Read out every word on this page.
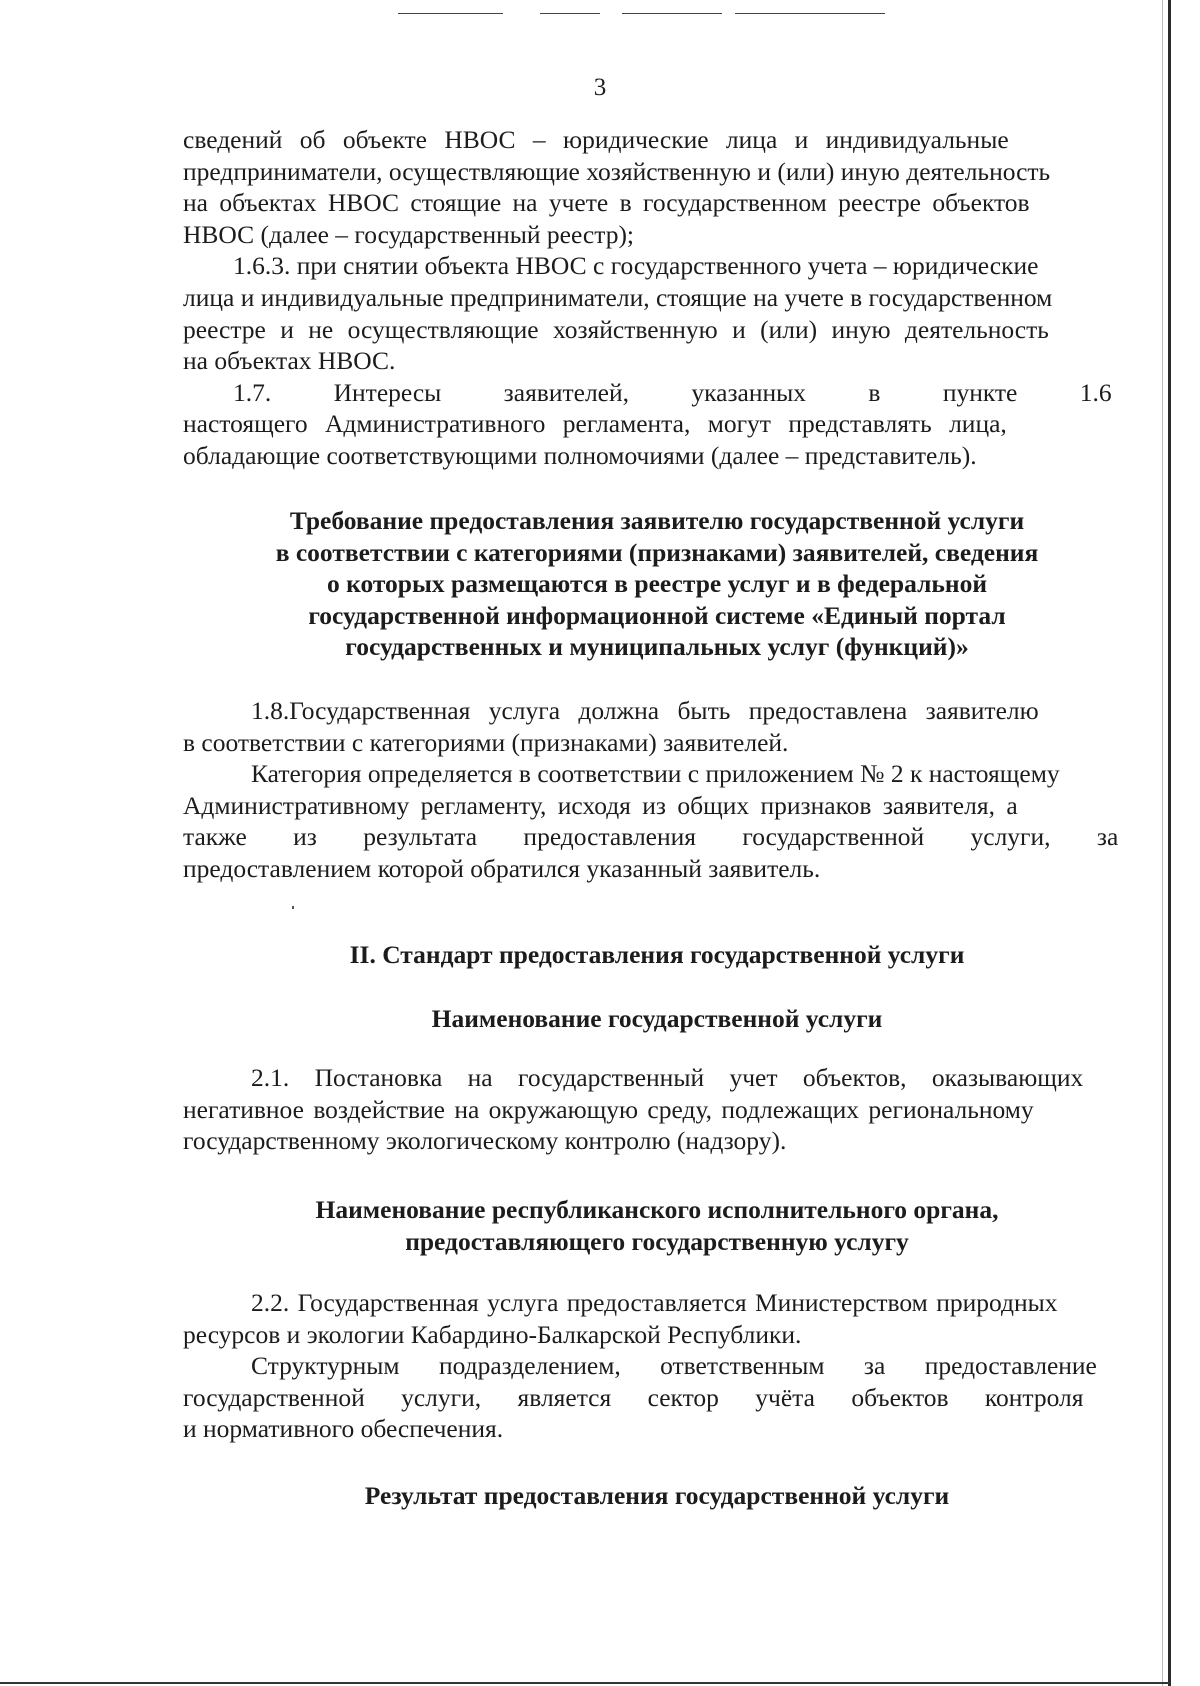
3
сведений об объекте НВОС – юридические лица и индивидуальные
предприниматели, осуществляющие хозяйственную и (или) иную деятельность
на объектах НВОС стоящие на учете в государственном реестре объектов
НВОС (далее – государственный реестр);
1.6.3. при снятии объекта НВОС с государственного учета – юридические
лица и индивидуальные предприниматели, стоящие на учете в государственном
реестре и не осуществляющие хозяйственную и (или) иную деятельность
на объектах НВОС.
1.7. Интересы заявителей, указанных в пункте 1.6
настоящего Административного регламента, могут представлять лица,
обладающие соответствующими полномочиями (далее – представитель).
Требование предоставления заявителю государственной услуги
в соответствии с категориями (признаками) заявителей, сведения
о которых размещаются в реестре услуг и в федеральной
государственной информационной системе «Единый портал
государственных и муниципальных услуг (функций)»
1.8.Государственная услуга должна быть предоставлена заявителю
в соответствии с категориями (признаками) заявителей.
Категория определяется в соответствии с приложением № 2 к настоящему
Административному регламенту, исходя из общих признаков заявителя, а
также из результата предоставления государственной услуги, за
предоставлением которой обратился указанный заявитель.
II. Стандарт предоставления государственной услуги
Наименование государственной услуги
2.1. Постановка на государственный учет объектов, оказывающих
негативное воздействие на окружающую среду, подлежащих региональному
государственному экологическому контролю (надзору).
Наименование республиканского исполнительного органа,
предоставляющего государственную услугу
2.2. Государственная услуга предоставляется Министерством природных
ресурсов и экологии Кабардино-Балкарской Республики.
Структурным подразделением, ответственным за предоставление
государственной услуги, является сектор учёта объектов контроля
и нормативного обеспечения.
Результат предоставления государственной услуги
